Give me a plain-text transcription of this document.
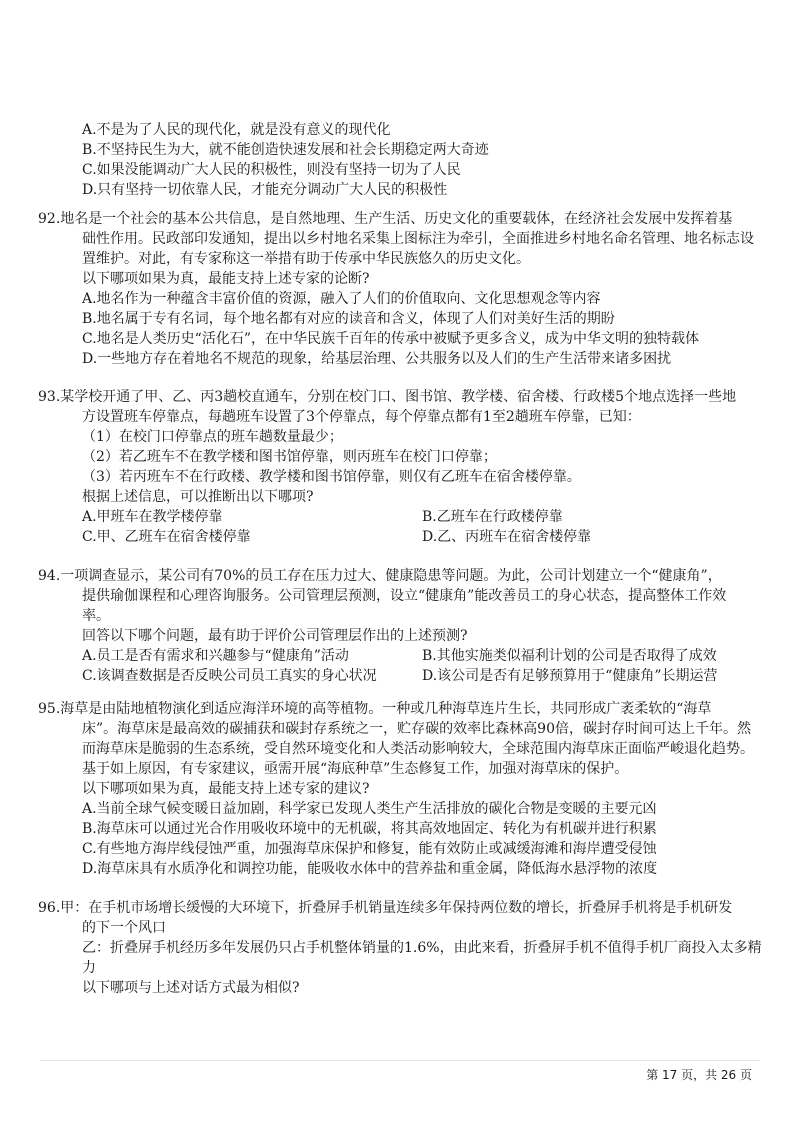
A.不是为了人民的现代化，就是没有意义的现代化
B.不坚持民生为大，就不能创造快速发展和社会长期稳定两大奇迹
C.如果没能调动广大人民的积极性，则没有坚持一切为了人民
D.只有坚持一切依靠人民，才能充分调动广大人民的积极性
92.地名是一个社会的基本公共信息，是自然地理、生产生活、历史文化的重要载体，在经济社会发展中发挥着基
础性作用。民政部印发通知，提出以乡村地名采集上图标注为牵引，全面推进乡村地名命名管理、地名标志设
置维护。对此，有专家称这一举措有助于传承中华民族悠久的历史文化。
以下哪项如果为真，最能支持上述专家的论断?
A.地名作为一种蕴含丰富价值的资源，融入了人们的价值取向、文化思想观念等内容
B.地名属于专有名词，每个地名都有对应的读音和含义，体现了人们对美好生活的期盼
C.地名是人类历史“活化石”，在中华民族千百年的传承中被赋予更多含义，成为中华文明的独特载体
D.一些地方存在着地名不规范的现象，给基层治理、公共服务以及人们的生产生活带来诸多困扰
93.某学校开通了甲、乙、丙3趟校直通车，分别在校门口、图书馆、教学楼、宿舍楼、行政楼5个地点选择一些地
方设置班车停靠点，每趟班车设置了3个停靠点，每个停靠点都有1至2趟班车停靠，已知：
（1）在校门口停靠点的班车趟数量最少；
（2）若乙班车不在教学楼和图书馆停靠，则丙班车在校门口停靠；
（3）若丙班车不在行政楼、教学楼和图书馆停靠，则仅有乙班车在宿舍楼停靠。
根据上述信息，可以推断出以下哪项?
A.甲班车在教学楼停靠	B.乙班车在行政楼停靠
C.甲、乙班车在宿舍楼停靠	D.乙、丙班车在宿舍楼停靠
94.一项调查显示，某公司有70%的员工存在压力过大、健康隐患等问题。为此，公司计划建立一个“健康角”，
提供瑜伽课程和心理咨询服务。公司管理层预测，设立“健康角”能改善员工的身心状态，提高整体工作效
率。
回答以下哪个问题，最有助于评价公司管理层作出的上述预测?
A.员工是否有需求和兴趣参与“健康角”活动	B.其他实施类似福利计划的公司是否取得了成效
C.该调查数据是否反映公司员工真实的身心状况	D.该公司是否有足够预算用于“健康角”长期运营
95.海草是由陆地植物演化到适应海洋环境的高等植物。一种或几种海草连片生长，共同形成广袤柔软的“海草
床”。海草床是最高效的碳捕获和碳封存系统之一，贮存碳的效率比森林高90倍，碳封存时间可达上千年。然
而海草床是脆弱的生态系统，受自然环境变化和人类活动影响较大，全球范围内海草床正面临严峻退化趋势。
基于如上原因，有专家建议，亟需开展“海底种草”生态修复工作，加强对海草床的保护。
以下哪项如果为真，最能支持上述专家的建议?
A.当前全球气候变暖日益加剧，科学家已发现人类生产生活排放的碳化合物是变暖的主要元凶
B.海草床可以通过光合作用吸收环境中的无机碳，将其高效地固定、转化为有机碳并进行积累
C.有些地方海岸线侵蚀严重，加强海草床保护和修复，能有效防止或减缓海滩和海岸遭受侵蚀
D.海草床具有水质净化和调控功能，能吸收水体中的营养盐和重金属，降低海水悬浮物的浓度
96.甲：在手机市场增长缓慢的大环境下，折叠屏手机销量连续多年保持两位数的增长，折叠屏手机将是手机研发
的下一个风口
乙：折叠屏手机经历多年发展仍只占手机整体销量的1.6%，由此来看，折叠屏手机不值得手机厂商投入太多精
力
以下哪项与上述对话方式最为相似?
第 17 页，共 26 页
